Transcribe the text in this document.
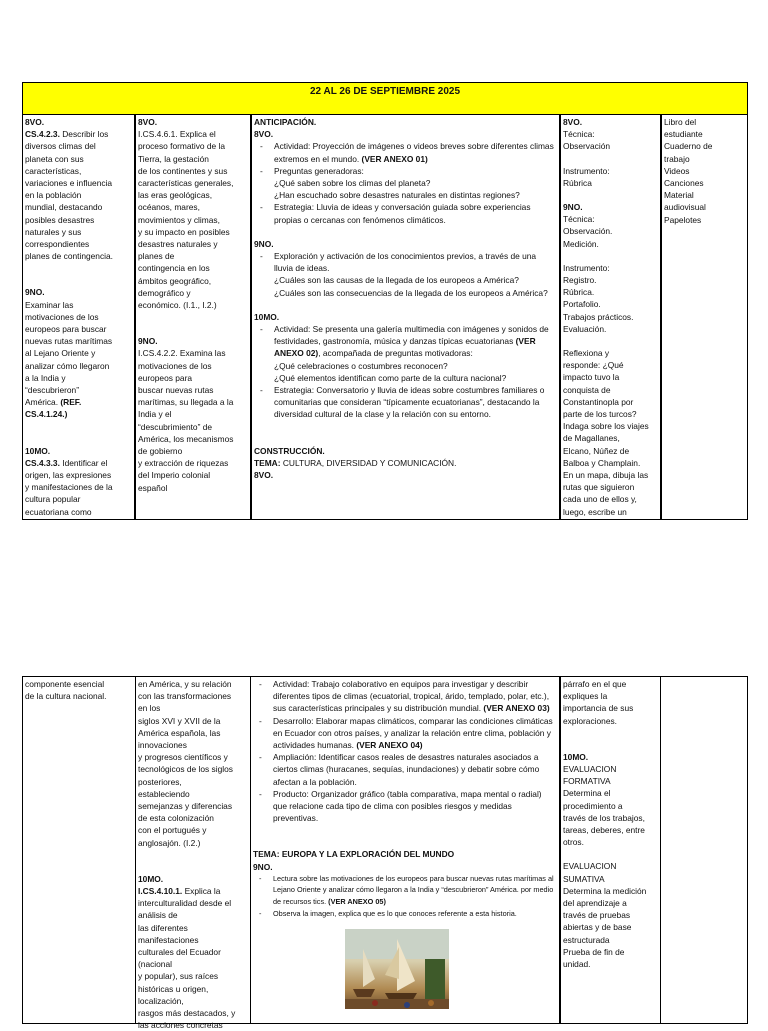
22 AL 26 DE SEPTIEMBRE 2025

8VO.

CS.4.2.3. Describir los
diversos climas del
planeta con sus
características,
variaciones e influencia
en la población
mundial, destacando
posibles desastres
naturales y sus
correspondientes
planes de contingencia.

9NO.

Examinar las
motivaciones de los
europeos para buscar
nuevas rutas marítimas
al Lejano Oriente y
analizar cómo llegaron
a la India y
“descubrieron”
América. (REF.
CS.4.1.24.)

10MO.

CS.4.3.3. Identificar el
origen, las expresiones
y manifestaciones de la
cultura popular
ecuatoriana como

8VO.

I.CS.4.6.1. Explica el
proceso formativo de la
Tierra, la gestación
de los continentes y sus
características generales,
las eras geológicas,
océanos, mares,
movimientos y climas,
y su impacto en posibles
desastres naturales y
planes de
contingencia en los
ámbitos geográfico,
demográfico y
económico. (I.1., I.2.)

9NO.

I.CS.4.2.2. Examina las
motivaciones de los
europeos para
buscar nuevas rutas
marítimas, su llegada a la
India y el
“descubrimiento” de
América, los mecanismos
de gobierno
y extracción de riquezas
del Imperio colonial
español

ANTICIPACIÓN.

8VO.

- Actividad: Proyección de imágenes o videos breves sobre diferentes climas extremos en el mundo. (VER ANEXO 01)

- Preguntas generadoras:
¿Qué saben sobre los climas del planeta?
¿Han escuchado sobre desastres naturales en distintas regiones?

- Estrategia: Lluvia de ideas y conversación guiada sobre experiencias propias o cercanas con fenómenos climáticos.

9NO.

- Exploración y activación de los conocimientos previos, a través de una lluvia de ideas.
¿Cuáles son las causas de la llegada de los europeos a América?
¿Cuáles son las consecuencias de la llegada de los europeos a América?

10MO.

- Actividad: Se presenta una galería multimedia con imágenes y sonidos de festividades, gastronomía, música y danzas típicas ecuatorianas (VER ANEXO 02), acompañada de preguntas motivadoras:
¿Qué celebraciones o costumbres reconocen?
¿Qué elementos identifican como parte de la cultura nacional?

- Estrategia: Conversatorio y lluvia de ideas sobre costumbres familiares o comunitarias que consideran “típicamente ecuatorianas”, destacando la diversidad cultural de la clase y la relación con su entorno.

CONSTRUCCIÓN.

TEMA: CULTURA, DIVERSIDAD Y COMUNICACIÓN.

8VO.

8VO.

Técnica:
Observación

Instrumento:
Rúbrica

9NO.

Técnica:
Observación.
Medición.

Instrumento:
Registro.
Rúbrica.
Portafolio.
Trabajos prácticos.
Evaluación.

Reflexiona y
responde: ¿Qué
impacto tuvo la
conquista de
Constantinopla por
parte de los turcos?
Indaga sobre los viajes
de Magallanes,
Elcano, Núñez de
Balboa y Champlain.
En un mapa, dibuja las
rutas que siguieron
cada uno de ellos y,
luego, escribe un

Libro del
estudiante
Cuaderno de
trabajo
Videos
Canciones
Material
audiovisual
Papelotes

componente esencial
de la cultura nacional.

en América, y su relación
con las transformaciones
en los
siglos XVI y XVII de la
América española, las
innovaciones
y progresos científicos y
tecnológicos de los siglos
posteriores,
estableciendo
semejanzas y diferencias
de esta colonización
con el portugués y
anglosajón. (I.2.)

10MO.

I.CS.4.10.1. Explica la
interculturalidad desde el
análisis de
las diferentes
manifestaciones
culturales del Ecuador
(nacional
y popular), sus raíces
históricas u origen,
localización,
rasgos más destacados, y
las acciones concretas

- Actividad: Trabajo colaborativo en equipos para investigar y describir diferentes tipos de climas (ecuatorial, tropical, árido, templado, polar, etc.), sus características principales y su distribución mundial. (VER ANEXO 03)

- Desarrollo: Elaborar mapas climáticos, comparar las condiciones climáticas en Ecuador con otros países, y analizar la relación entre clima, población y actividades humanas. (VER ANEXO 04)

- Ampliación: Identificar casos reales de desastres naturales asociados a ciertos climas (huracanes, sequías, inundaciones) y debatir sobre cómo afectan a la población.

- Producto: Organizador gráfico (tabla comparativa, mapa mental o radial) que relacione cada tipo de clima con posibles riesgos y medidas preventivas.

TEMA: EUROPA Y LA EXPLORACIÓN DEL MUNDO

9NO.

- Lectura sobre las motivaciones de los europeos para buscar nuevas rutas marítimas al Lejano Oriente y analizar cómo llegaron a la India y “descubrieron” América. por medio de recursos tics. (VER ANEXO 05)

- Observa la imagen, explica que es lo que conoces referente a esta historia.

párrafo en el que
expliques la
importancia de sus
exploraciones.

10MO.

EVALUACION
FORMATIVA
Determina el
procedimiento a
través de los trabajos,
tareas, deberes, entre
otros.

EVALUACION
SUMATIVA
Determina la medición
del aprendizaje a
través de pruebas
abiertas y de base
estructurada
Prueba de fin de
unidad.
